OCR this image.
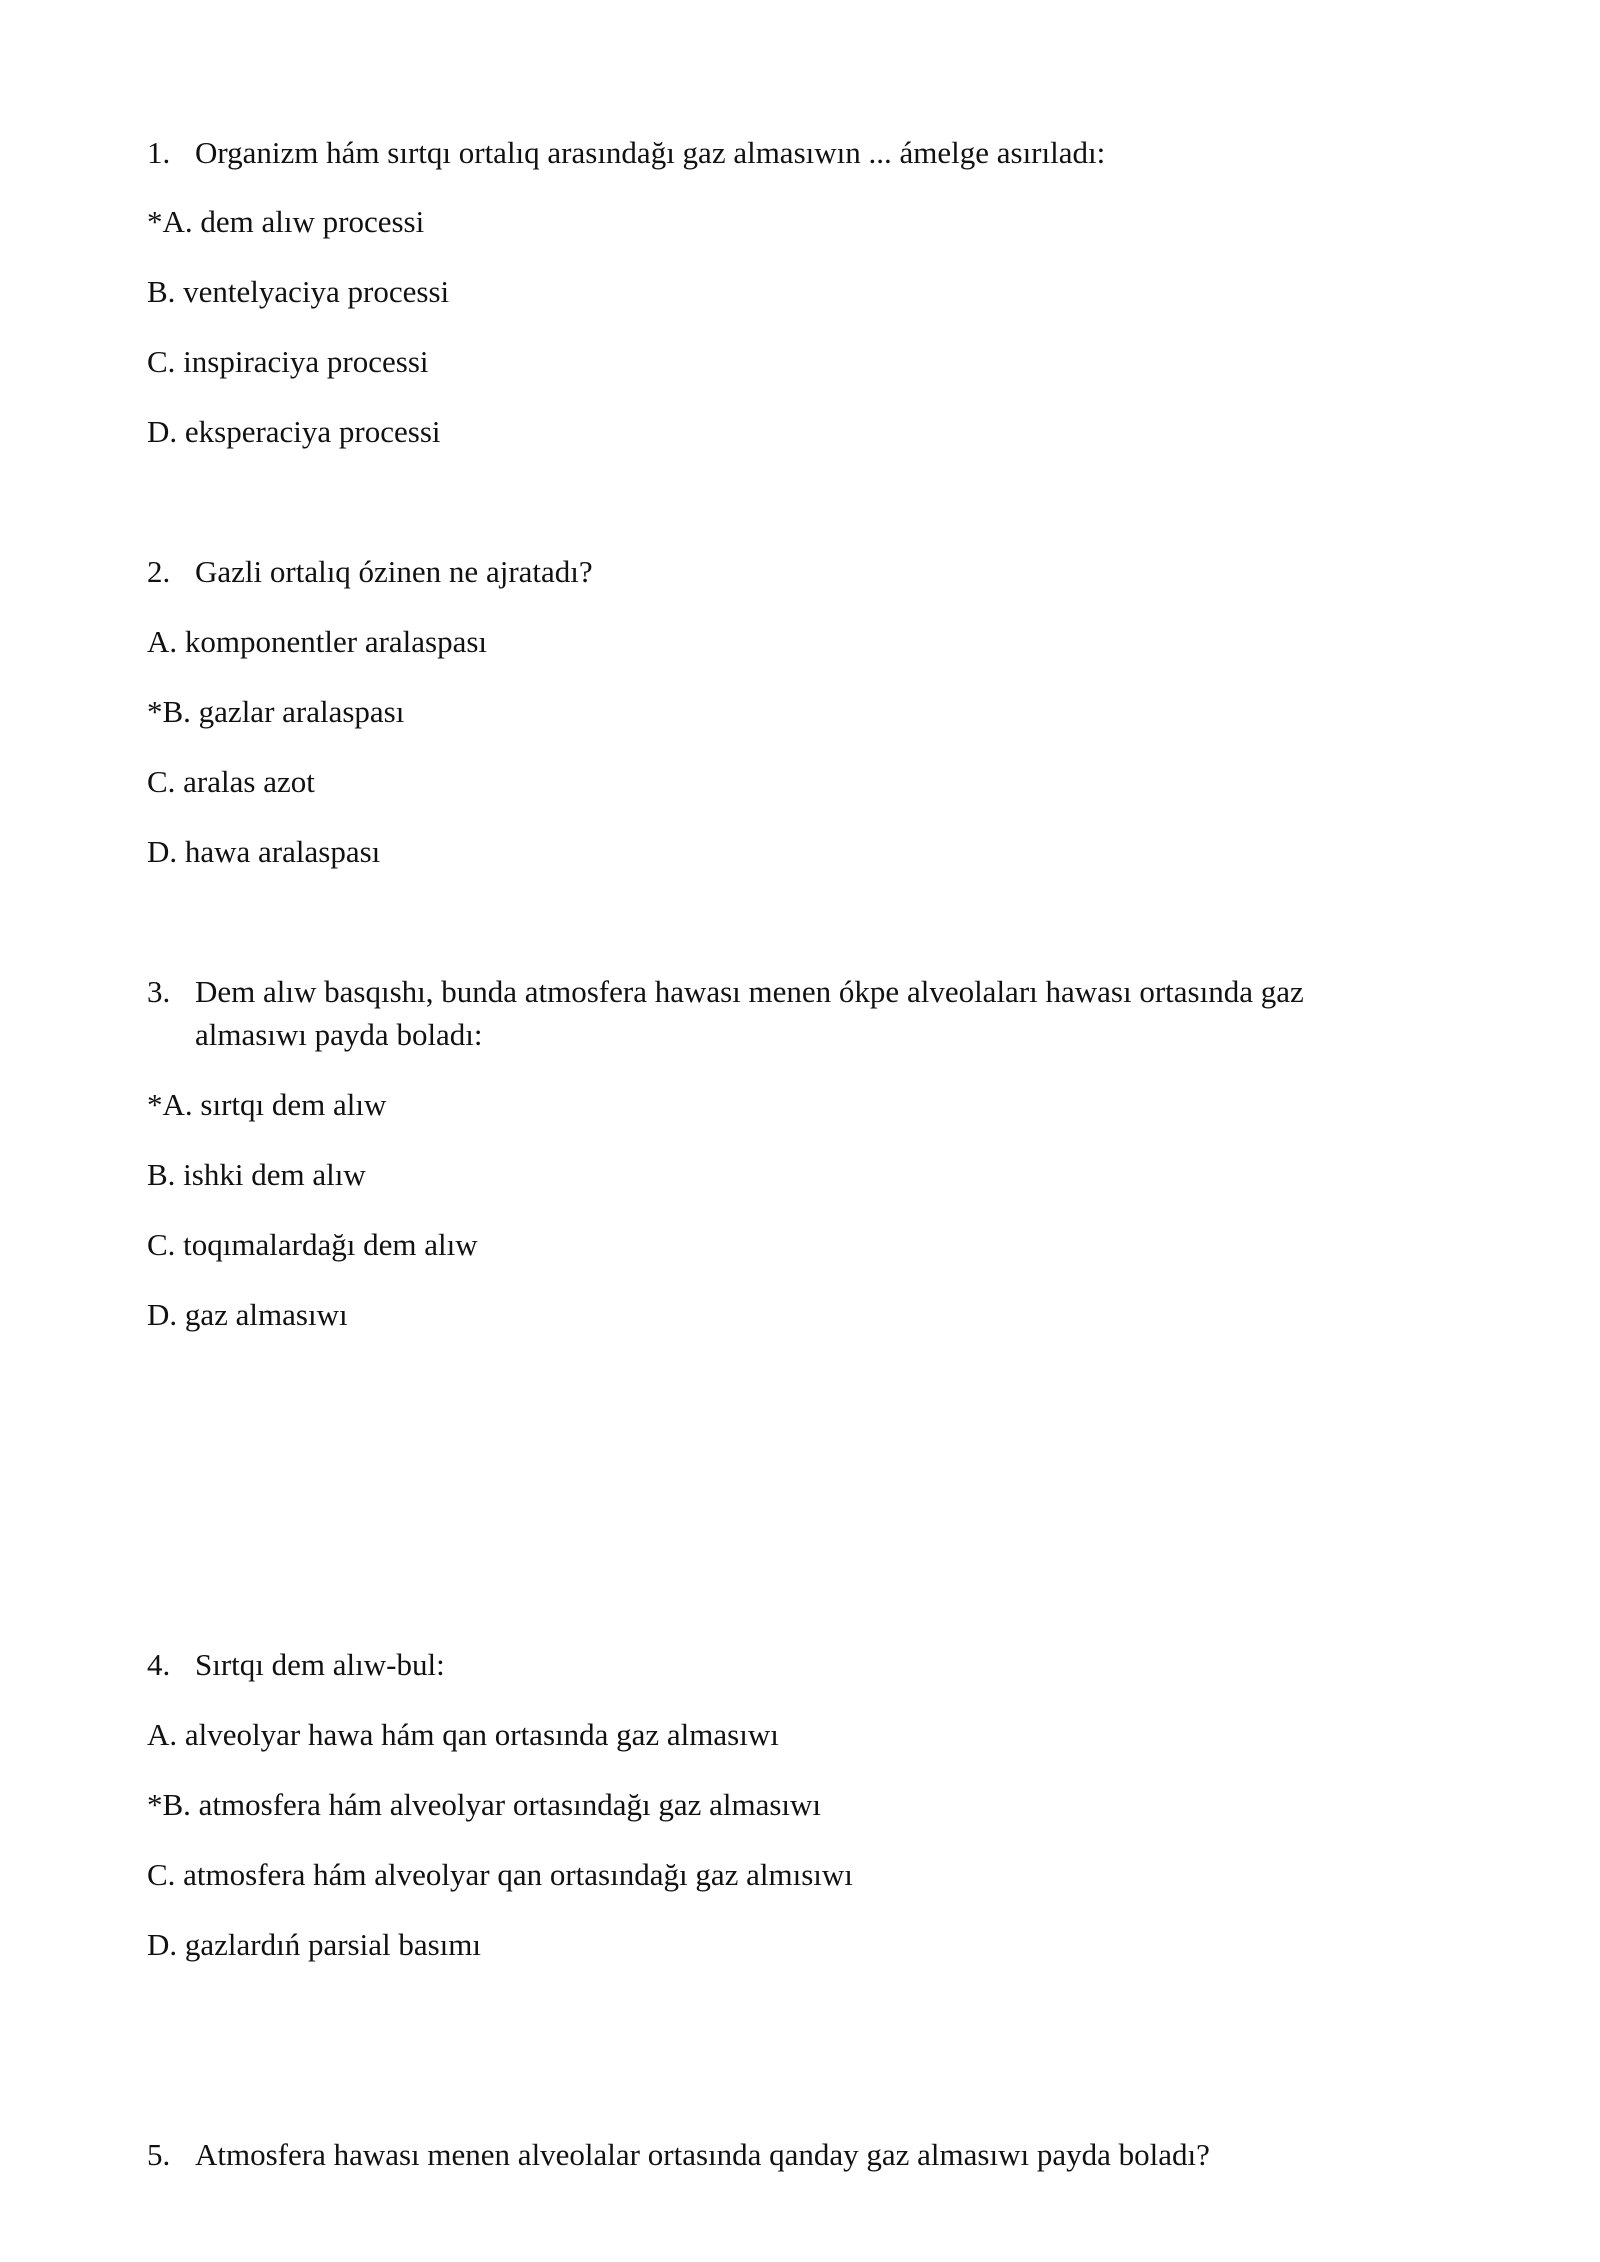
1. Organizm hám sırtqı ortalıq arasındağı gaz almasıwın ... ámelge asırıladı:
*A. dem alıw processi
B. ventelyaciya processi
C. inspiraciya processi
D. eksperaciya processi
2. Gazli ortalıq ózinen ne ajratadı?
A. komponentler aralaspası
*B. gazlar aralaspası
C. aralas azot
D. hawa aralaspası
3. Dem alıw basqıshı, bunda atmosfera hawası menen ókpe alveolaları hawası ortasında gaz almasıwı payda boladı:
*A. sırtqı dem alıw
B. ishki dem alıw
C. toqımalardağı dem alıw
D. gaz almasıwı
4. Sırtqı dem alıw-bul:
A. alveolyar hawa hám qan ortasında gaz almasıwı
*B. atmosfera hám alveolyar ortasındağı gaz almasıwı
C. atmosfera hám alveolyar qan ortasındağı gaz almısıwı
D. gazlardıń parsial basımı
5. Atmosfera hawası menen alveolalar ortasında qanday gaz almasıwı payda boladı?
